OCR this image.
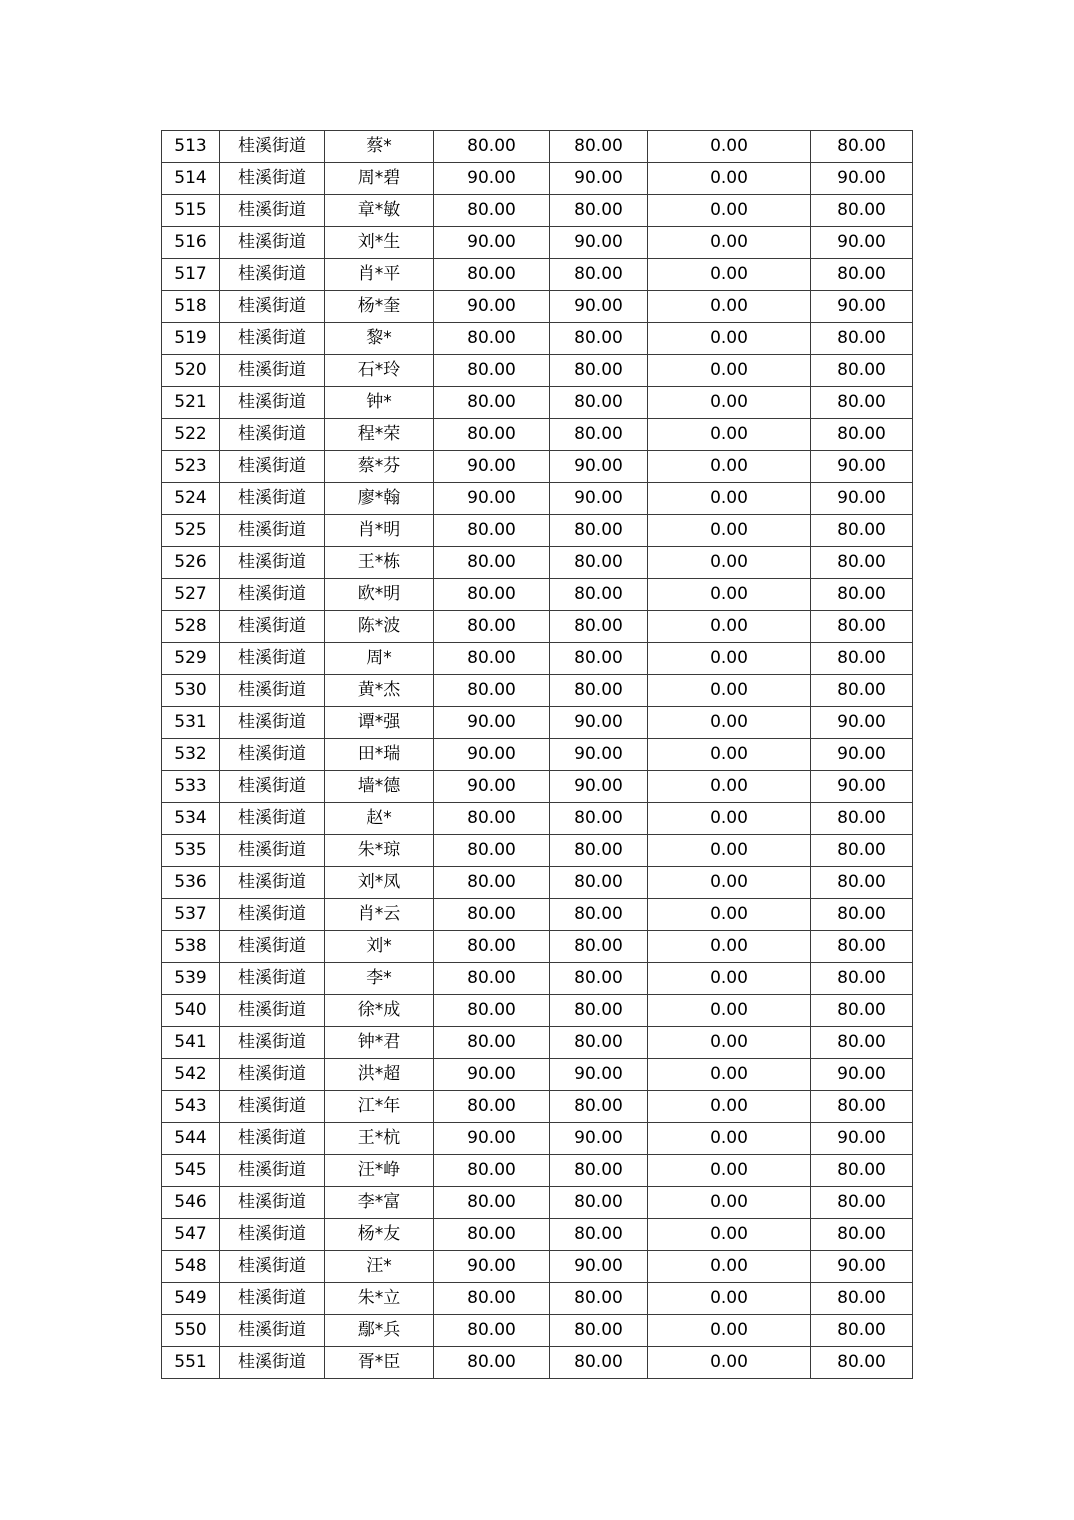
513	桂溪街道	蔡*	80.00	80.00	0.00	80.00
514	桂溪街道	周*碧	90.00	90.00	0.00	90.00
515	桂溪街道	章*敏	80.00	80.00	0.00	80.00
516	桂溪街道	刘*生	90.00	90.00	0.00	90.00
517	桂溪街道	肖*平	80.00	80.00	0.00	80.00
518	桂溪街道	杨*奎	90.00	90.00	0.00	90.00
519	桂溪街道	黎*	80.00	80.00	0.00	80.00
520	桂溪街道	石*玲	80.00	80.00	0.00	80.00
521	桂溪街道	钟*	80.00	80.00	0.00	80.00
522	桂溪街道	程*荣	80.00	80.00	0.00	80.00
523	桂溪街道	蔡*芬	90.00	90.00	0.00	90.00
524	桂溪街道	廖*翰	90.00	90.00	0.00	90.00
525	桂溪街道	肖*明	80.00	80.00	0.00	80.00
526	桂溪街道	王*栋	80.00	80.00	0.00	80.00
527	桂溪街道	欧*明	80.00	80.00	0.00	80.00
528	桂溪街道	陈*波	80.00	80.00	0.00	80.00
529	桂溪街道	周*	80.00	80.00	0.00	80.00
530	桂溪街道	黄*杰	80.00	80.00	0.00	80.00
531	桂溪街道	谭*强	90.00	90.00	0.00	90.00
532	桂溪街道	田*瑞	90.00	90.00	0.00	90.00
533	桂溪街道	墙*德	90.00	90.00	0.00	90.00
534	桂溪街道	赵*	80.00	80.00	0.00	80.00
535	桂溪街道	朱*琼	80.00	80.00	0.00	80.00
536	桂溪街道	刘*凤	80.00	80.00	0.00	80.00
537	桂溪街道	肖*云	80.00	80.00	0.00	80.00
538	桂溪街道	刘*	80.00	80.00	0.00	80.00
539	桂溪街道	李*	80.00	80.00	0.00	80.00
540	桂溪街道	徐*成	80.00	80.00	0.00	80.00
541	桂溪街道	钟*君	80.00	80.00	0.00	80.00
542	桂溪街道	洪*超	90.00	90.00	0.00	90.00
543	桂溪街道	江*年	80.00	80.00	0.00	80.00
544	桂溪街道	王*杭	90.00	90.00	0.00	90.00
545	桂溪街道	汪*峥	80.00	80.00	0.00	80.00
546	桂溪街道	李*富	80.00	80.00	0.00	80.00
547	桂溪街道	杨*友	80.00	80.00	0.00	80.00
548	桂溪街道	汪*	90.00	90.00	0.00	90.00
549	桂溪街道	朱*立	80.00	80.00	0.00	80.00
550	桂溪街道	鄢*兵	80.00	80.00	0.00	80.00
551	桂溪街道	胥*臣	80.00	80.00	0.00	80.00
